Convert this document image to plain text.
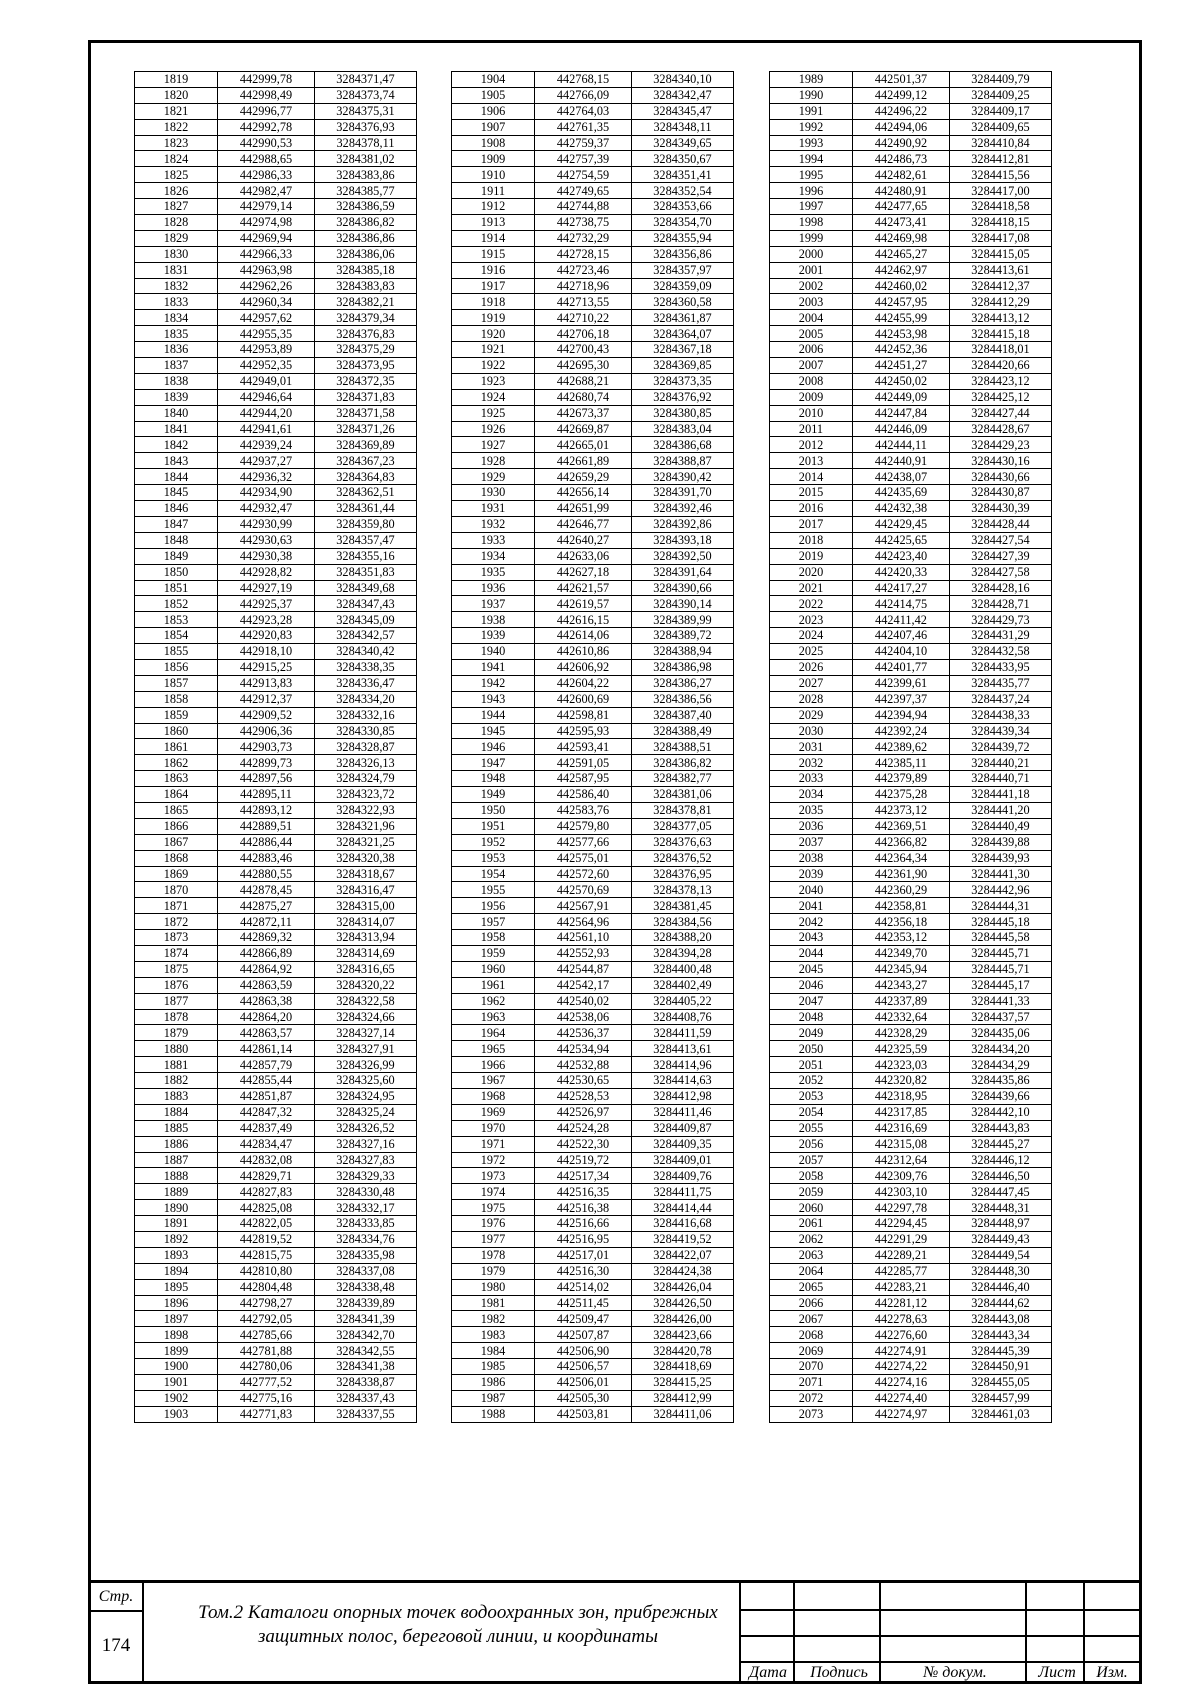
1819	442999,78	3284371,47
1820	442998,49	3284373,74
1821	442996,77	3284375,31
1822	442992,78	3284376,93
1823	442990,53	3284378,11
1824	442988,65	3284381,02
1825	442986,33	3284383,86
1826	442982,47	3284385,77
1827	442979,14	3284386,59
1828	442974,98	3284386,82
1829	442969,94	3284386,86
1830	442966,33	3284386,06
1831	442963,98	3284385,18
1832	442962,26	3284383,83
1833	442960,34	3284382,21
1834	442957,62	3284379,34
1835	442955,35	3284376,83
1836	442953,89	3284375,29
1837	442952,35	3284373,95
1838	442949,01	3284372,35
1839	442946,64	3284371,83
1840	442944,20	3284371,58
1841	442941,61	3284371,26
1842	442939,24	3284369,89
1843	442937,27	3284367,23
1844	442936,32	3284364,83
1845	442934,90	3284362,51
1846	442932,47	3284361,44
1847	442930,99	3284359,80
1848	442930,63	3284357,47
1849	442930,38	3284355,16
1850	442928,82	3284351,83
1851	442927,19	3284349,68
1852	442925,37	3284347,43
1853	442923,28	3284345,09
1854	442920,83	3284342,57
1855	442918,10	3284340,42
1856	442915,25	3284338,35
1857	442913,83	3284336,47
1858	442912,37	3284334,20
1859	442909,52	3284332,16
1860	442906,36	3284330,85
1861	442903,73	3284328,87
1862	442899,73	3284326,13
1863	442897,56	3284324,79
1864	442895,11	3284323,72
1865	442893,12	3284322,93
1866	442889,51	3284321,96
1867	442886,44	3284321,25
1868	442883,46	3284320,38
1869	442880,55	3284318,67
1870	442878,45	3284316,47
1871	442875,27	3284315,00
1872	442872,11	3284314,07
1873	442869,32	3284313,94
1874	442866,89	3284314,69
1875	442864,92	3284316,65
1876	442863,59	3284320,22
1877	442863,38	3284322,58
1878	442864,20	3284324,66
1879	442863,57	3284327,14
1880	442861,14	3284327,91
1881	442857,79	3284326,99
1882	442855,44	3284325,60
1883	442851,87	3284324,95
1884	442847,32	3284325,24
1885	442837,49	3284326,52
1886	442834,47	3284327,16
1887	442832,08	3284327,83
1888	442829,71	3284329,33
1889	442827,83	3284330,48
1890	442825,08	3284332,17
1891	442822,05	3284333,85
1892	442819,52	3284334,76
1893	442815,75	3284335,98
1894	442810,80	3284337,08
1895	442804,48	3284338,48
1896	442798,27	3284339,89
1897	442792,05	3284341,39
1898	442785,66	3284342,70
1899	442781,88	3284342,55
1900	442780,06	3284341,38
1901	442777,52	3284338,87
1902	442775,16	3284337,43
1903	442771,83	3284337,55
1904	442768,15	3284340,10
1905	442766,09	3284342,47
1906	442764,03	3284345,47
1907	442761,35	3284348,11
1908	442759,37	3284349,65
1909	442757,39	3284350,67
1910	442754,59	3284351,41
1911	442749,65	3284352,54
1912	442744,88	3284353,66
1913	442738,75	3284354,70
1914	442732,29	3284355,94
1915	442728,15	3284356,86
1916	442723,46	3284357,97
1917	442718,96	3284359,09
1918	442713,55	3284360,58
1919	442710,22	3284361,87
1920	442706,18	3284364,07
1921	442700,43	3284367,18
1922	442695,30	3284369,85
1923	442688,21	3284373,35
1924	442680,74	3284376,92
1925	442673,37	3284380,85
1926	442669,87	3284383,04
1927	442665,01	3284386,68
1928	442661,89	3284388,87
1929	442659,29	3284390,42
1930	442656,14	3284391,70
1931	442651,99	3284392,46
1932	442646,77	3284392,86
1933	442640,27	3284393,18
1934	442633,06	3284392,50
1935	442627,18	3284391,64
1936	442621,57	3284390,66
1937	442619,57	3284390,14
1938	442616,15	3284389,99
1939	442614,06	3284389,72
1940	442610,86	3284388,94
1941	442606,92	3284386,98
1942	442604,22	3284386,27
1943	442600,69	3284386,56
1944	442598,81	3284387,40
1945	442595,93	3284388,49
1946	442593,41	3284388,51
1947	442591,05	3284386,82
1948	442587,95	3284382,77
1949	442586,40	3284381,06
1950	442583,76	3284378,81
1951	442579,80	3284377,05
1952	442577,66	3284376,63
1953	442575,01	3284376,52
1954	442572,60	3284376,95
1955	442570,69	3284378,13
1956	442567,91	3284381,45
1957	442564,96	3284384,56
1958	442561,10	3284388,20
1959	442552,93	3284394,28
1960	442544,87	3284400,48
1961	442542,17	3284402,49
1962	442540,02	3284405,22
1963	442538,06	3284408,76
1964	442536,37	3284411,59
1965	442534,94	3284413,61
1966	442532,88	3284414,96
1967	442530,65	3284414,63
1968	442528,53	3284412,98
1969	442526,97	3284411,46
1970	442524,28	3284409,87
1971	442522,30	3284409,35
1972	442519,72	3284409,01
1973	442517,34	3284409,76
1974	442516,35	3284411,75
1975	442516,38	3284414,44
1976	442516,66	3284416,68
1977	442516,95	3284419,52
1978	442517,01	3284422,07
1979	442516,30	3284424,38
1980	442514,02	3284426,04
1981	442511,45	3284426,50
1982	442509,47	3284426,00
1983	442507,87	3284423,66
1984	442506,90	3284420,78
1985	442506,57	3284418,69
1986	442506,01	3284415,25
1987	442505,30	3284412,99
1988	442503,81	3284411,06
1989	442501,37	3284409,79
1990	442499,12	3284409,25
1991	442496,22	3284409,17
1992	442494,06	3284409,65
1993	442490,92	3284410,84
1994	442486,73	3284412,81
1995	442482,61	3284415,56
1996	442480,91	3284417,00
1997	442477,65	3284418,58
1998	442473,41	3284418,15
1999	442469,98	3284417,08
2000	442465,27	3284415,05
2001	442462,97	3284413,61
2002	442460,02	3284412,37
2003	442457,95	3284412,29
2004	442455,99	3284413,12
2005	442453,98	3284415,18
2006	442452,36	3284418,01
2007	442451,27	3284420,66
2008	442450,02	3284423,12
2009	442449,09	3284425,12
2010	442447,84	3284427,44
2011	442446,09	3284428,67
2012	442444,11	3284429,23
2013	442440,91	3284430,16
2014	442438,07	3284430,66
2015	442435,69	3284430,87
2016	442432,38	3284430,39
2017	442429,45	3284428,44
2018	442425,65	3284427,54
2019	442423,40	3284427,39
2020	442420,33	3284427,58
2021	442417,27	3284428,16
2022	442414,75	3284428,71
2023	442411,42	3284429,73
2024	442407,46	3284431,29
2025	442404,10	3284432,58
2026	442401,77	3284433,95
2027	442399,61	3284435,77
2028	442397,37	3284437,24
2029	442394,94	3284438,33
2030	442392,24	3284439,34
2031	442389,62	3284439,72
2032	442385,11	3284440,21
2033	442379,89	3284440,71
2034	442375,28	3284441,18
2035	442373,12	3284441,20
2036	442369,51	3284440,49
2037	442366,82	3284439,88
2038	442364,34	3284439,93
2039	442361,90	3284441,30
2040	442360,29	3284442,96
2041	442358,81	3284444,31
2042	442356,18	3284445,18
2043	442353,12	3284445,58
2044	442349,70	3284445,71
2045	442345,94	3284445,71
2046	442343,27	3284445,17
2047	442337,89	3284441,33
2048	442332,64	3284437,57
2049	442328,29	3284435,06
2050	442325,59	3284434,20
2051	442323,03	3284434,29
2052	442320,82	3284435,86
2053	442318,95	3284439,66
2054	442317,85	3284442,10
2055	442316,69	3284443,83
2056	442315,08	3284445,27
2057	442312,64	3284446,12
2058	442309,76	3284446,50
2059	442303,10	3284447,45
2060	442297,78	3284448,31
2061	442294,45	3284448,97
2062	442291,29	3284449,43
2063	442289,21	3284449,54
2064	442285,77	3284448,30
2065	442283,21	3284446,40
2066	442281,12	3284444,62
2067	442278,63	3284443,08
2068	442276,60	3284443,34
2069	442274,91	3284445,39
2070	442274,22	3284450,91
2071	442274,16	3284455,05
2072	442274,40	3284457,99
2073	442274,97	3284461,03
Стр.
174
Том.2 Каталоги опорных точек водоохранных зон, прибрежных
защитных полос, береговой линии, и координаты
Дата	Подпись	№ докум.	Лист	Изм.
